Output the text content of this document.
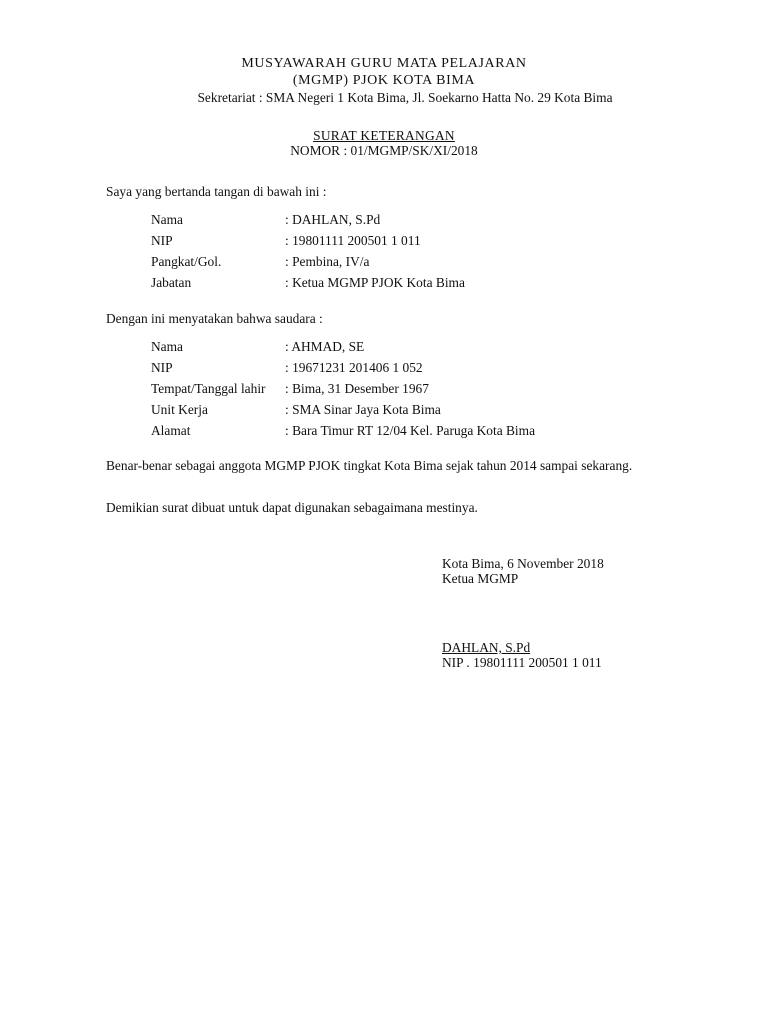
MUSYAWARAH GURU MATA PELAJARAN
(MGMP) PJOK KOTA BIMA
Sekretariat : SMA Negeri 1 Kota Bima, Jl. Soekarno Hatta No. 29 Kota Bima
SURAT KETERANGAN
NOMOR : 01/MGMP/SK/XI/2018
Saya yang bertanda tangan di bawah ini :
Nama	: DAHLAN, S.Pd
NIP	: 19801111 200501 1 011
Pangkat/Gol.	: Pembina, IV/a
Jabatan	: Ketua MGMP PJOK Kota Bima
Dengan ini menyatakan bahwa saudara :
Nama	: AHMAD, SE
NIP	: 19671231 201406 1 052
Tempat/Tanggal lahir : Bima, 31 Desember 1967
Unit Kerja	: SMA Sinar Jaya Kota Bima
Alamat	: Bara Timur RT 12/04 Kel. Paruga Kota Bima
Benar-benar sebagai anggota MGMP PJOK tingkat Kota Bima sejak tahun 2014 sampai sekarang.
Demikian surat dibuat untuk dapat digunakan sebagaimana mestinya.
Kota Bima, 6 November 2018
Ketua MGMP
DAHLAN, S.Pd
NIP . 19801111 200501 1 011
